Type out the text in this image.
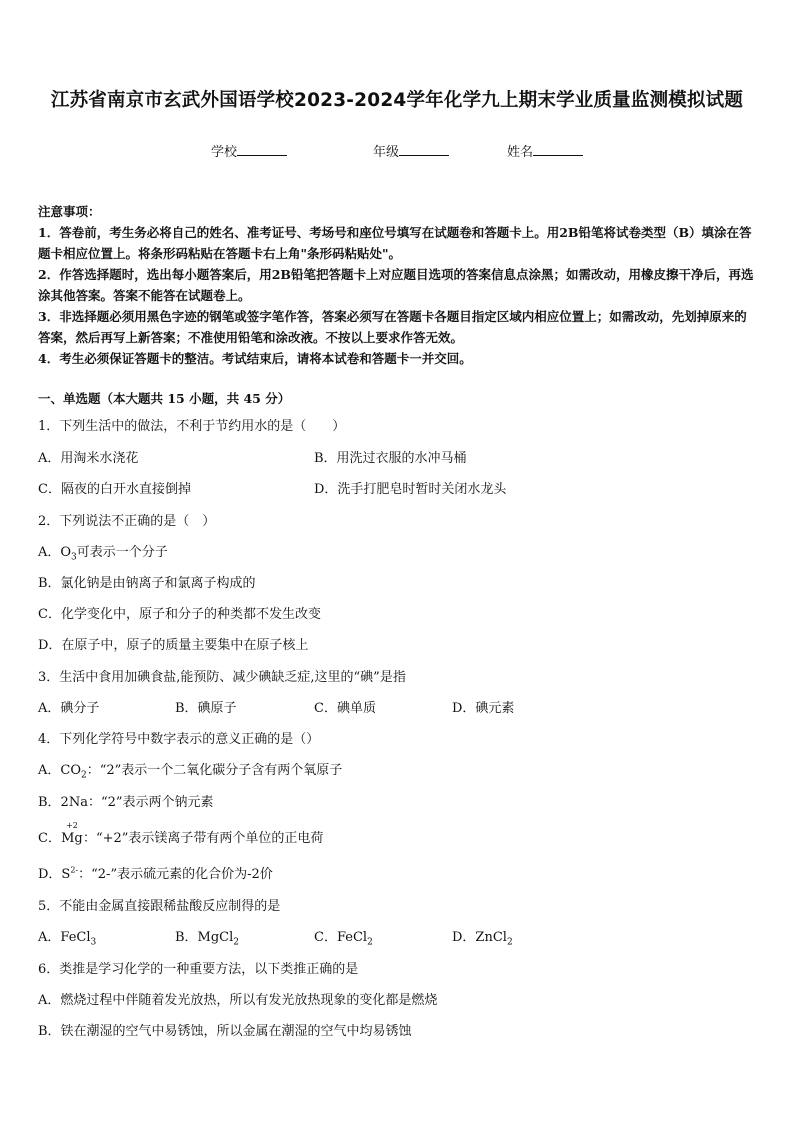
江苏省南京市玄武外国语学校2023-2024学年化学九上期末学业质量监测模拟试题
学校	年级	姓名

注意事项：

1．答卷前，考生务必将自己的姓名、准考证号、考场号和座位号填写在试题卷和答题卡上。用2B铅笔将试卷类型（B）填涂在答题卡相应位置上。将条形码粘贴在答题卡右上角"条形码粘贴处"。

2．作答选择题时，选出每小题答案后，用2B铅笔把答题卡上对应题目选项的答案信息点涂黑；如需改动，用橡皮擦干净后，再选涂其他答案。答案不能答在试题卷上。

3．非选择题必须用黑色字迹的钢笔或签字笔作答，答案必须写在答题卡各题目指定区域内相应位置上；如需改动，先划掉原来的答案，然后再写上新答案；不准使用铅笔和涂改液。不按以上要求作答无效。

4．考生必须保证答题卡的整洁。考试结束后，请将本试卷和答题卡一并交回。

一、单选题（本大题共 15 小题，共 45 分）
1．下列生活中的做法，不利于节约用水的是（　　）
A．用淘米水浇花	B．用洗过衣服的水冲马桶
C．隔夜的白开水直接倒掉	D．洗手打肥皂时暂时关闭水龙头
2．下列说法不正确的是（　）
A．$O_3$可表示一个分子
B．氯化钠是由钠离子和氯离子构成的
C．化学变化中，原子和分子的种类都不发生改变
D．在原子中，原子的质量主要集中在原子核上
3．生活中食用加碘食盐,能预防、减少碘缺乏症,这里的“碘”是指
A．碘分子	B．碘原子	C．碘单质	D．碘元素
4．下列化学符号中数字表示的意义正确的是（）
A．$CO_2$：“2”表示一个二氧化碳分子含有两个氧原子
B．2Na：“2”表示两个钠元素
C．
+2
Mg：“+2”表示镁离子带有两个单位的正电荷
D．$S^{2-}$：“2-”表示硫元素的化合价为-2价
5．不能由金属直接跟稀盐酸反应制得的是
A．FeCl$_3$	B．MgCl$_2$	C．FeCl$_2$	D．ZnCl$_2$
6．类推是学习化学的一种重要方法，以下类推正确的是
A．燃烧过程中伴随着发光放热，所以有发光放热现象的变化都是燃烧
B．铁在潮湿的空气中易锈蚀，所以金属在潮湿的空气中均易锈蚀
